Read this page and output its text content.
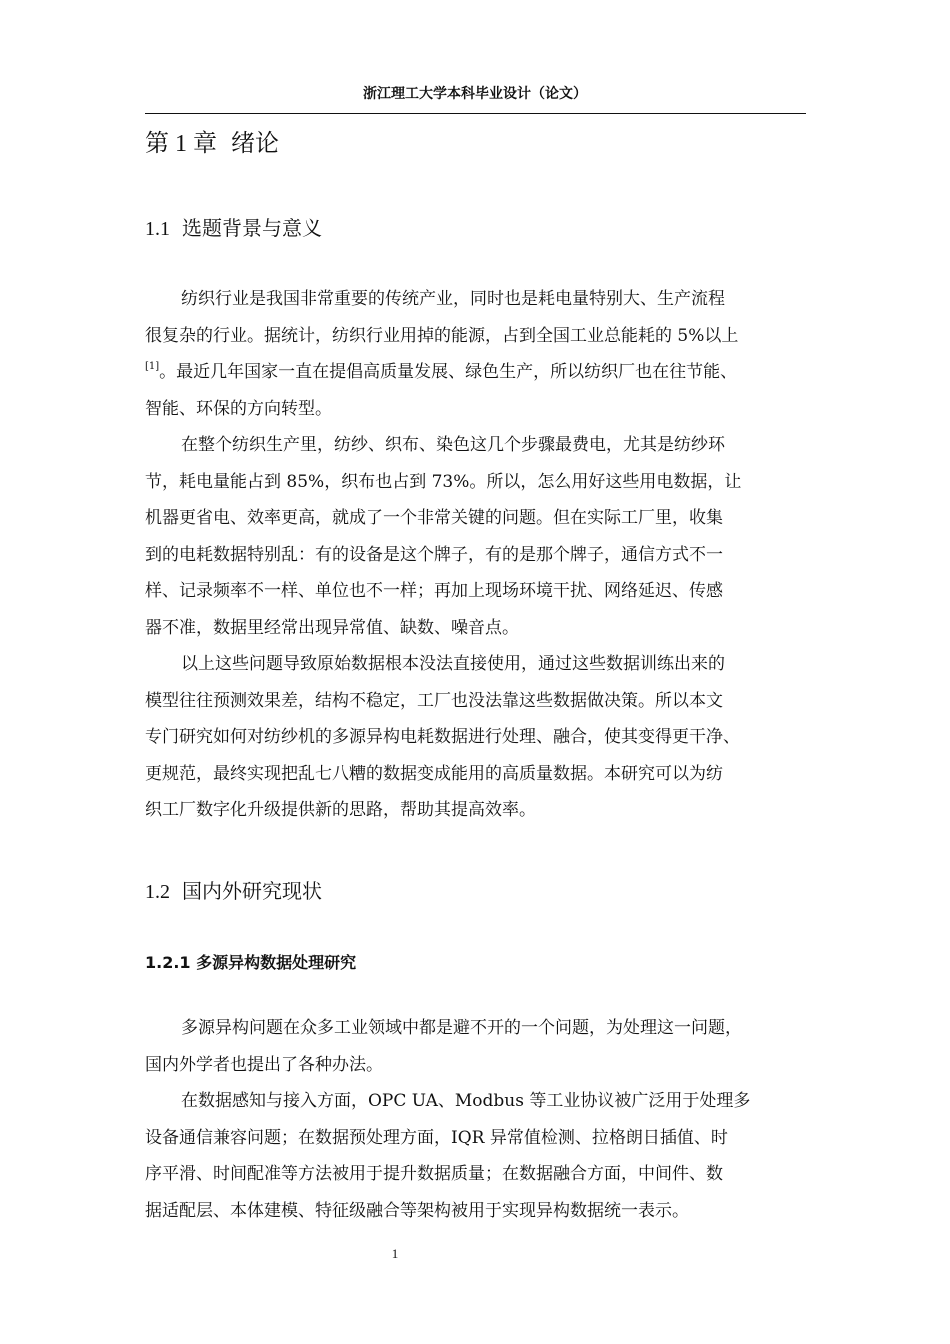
浙江理工大学本科毕业设计（论文）
第 1 章 绪论
1.1 选题背景与意义
纺织行业是我国非常重要的传统产业，同时也是耗电量特别大、生产流程
很复杂的行业。据统计，纺织行业用掉的能源，占到全国工业总能耗的 5%以上
[1]。最近几年国家一直在提倡高质量发展、绿色生产，所以纺织厂也在往节能、
智能、环保的方向转型。
在整个纺织生产里，纺纱、织布、染色这几个步骤最费电，尤其是纺纱环
节，耗电量能占到 85%，织布也占到 73%。所以，怎么用好这些用电数据，让
机器更省电、效率更高，就成了一个非常关键的问题。但在实际工厂里，收集
到的电耗数据特别乱：有的设备是这个牌子，有的是那个牌子，通信方式不一
样、记录频率不一样、单位也不一样；再加上现场环境干扰、网络延迟、传感
器不准，数据里经常出现异常值、缺数、噪音点。
以上这些问题导致原始数据根本没法直接使用，通过这些数据训练出来的
模型往往预测效果差，结构不稳定，工厂也没法靠这些数据做决策。所以本文
专门研究如何对纺纱机的多源异构电耗数据进行处理、融合，使其变得更干净、
更规范，最终实现把乱七八糟的数据变成能用的高质量数据。本研究可以为纺
织工厂数字化升级提供新的思路，帮助其提高效率。
1.2 国内外研究现状
1.2.1 多源异构数据处理研究
多源异构问题在众多工业领域中都是避不开的一个问题，为处理这一问题，
国内外学者也提出了各种办法。
在数据感知与接入方面，OPC UA、Modbus 等工业协议被广泛用于处理多
设备通信兼容问题；在数据预处理方面，IQR 异常值检测、拉格朗日插值、时
序平滑、时间配准等方法被用于提升数据质量；在数据融合方面，中间件、数
据适配层、本体建模、特征级融合等架构被用于实现异构数据统一表示。
1
